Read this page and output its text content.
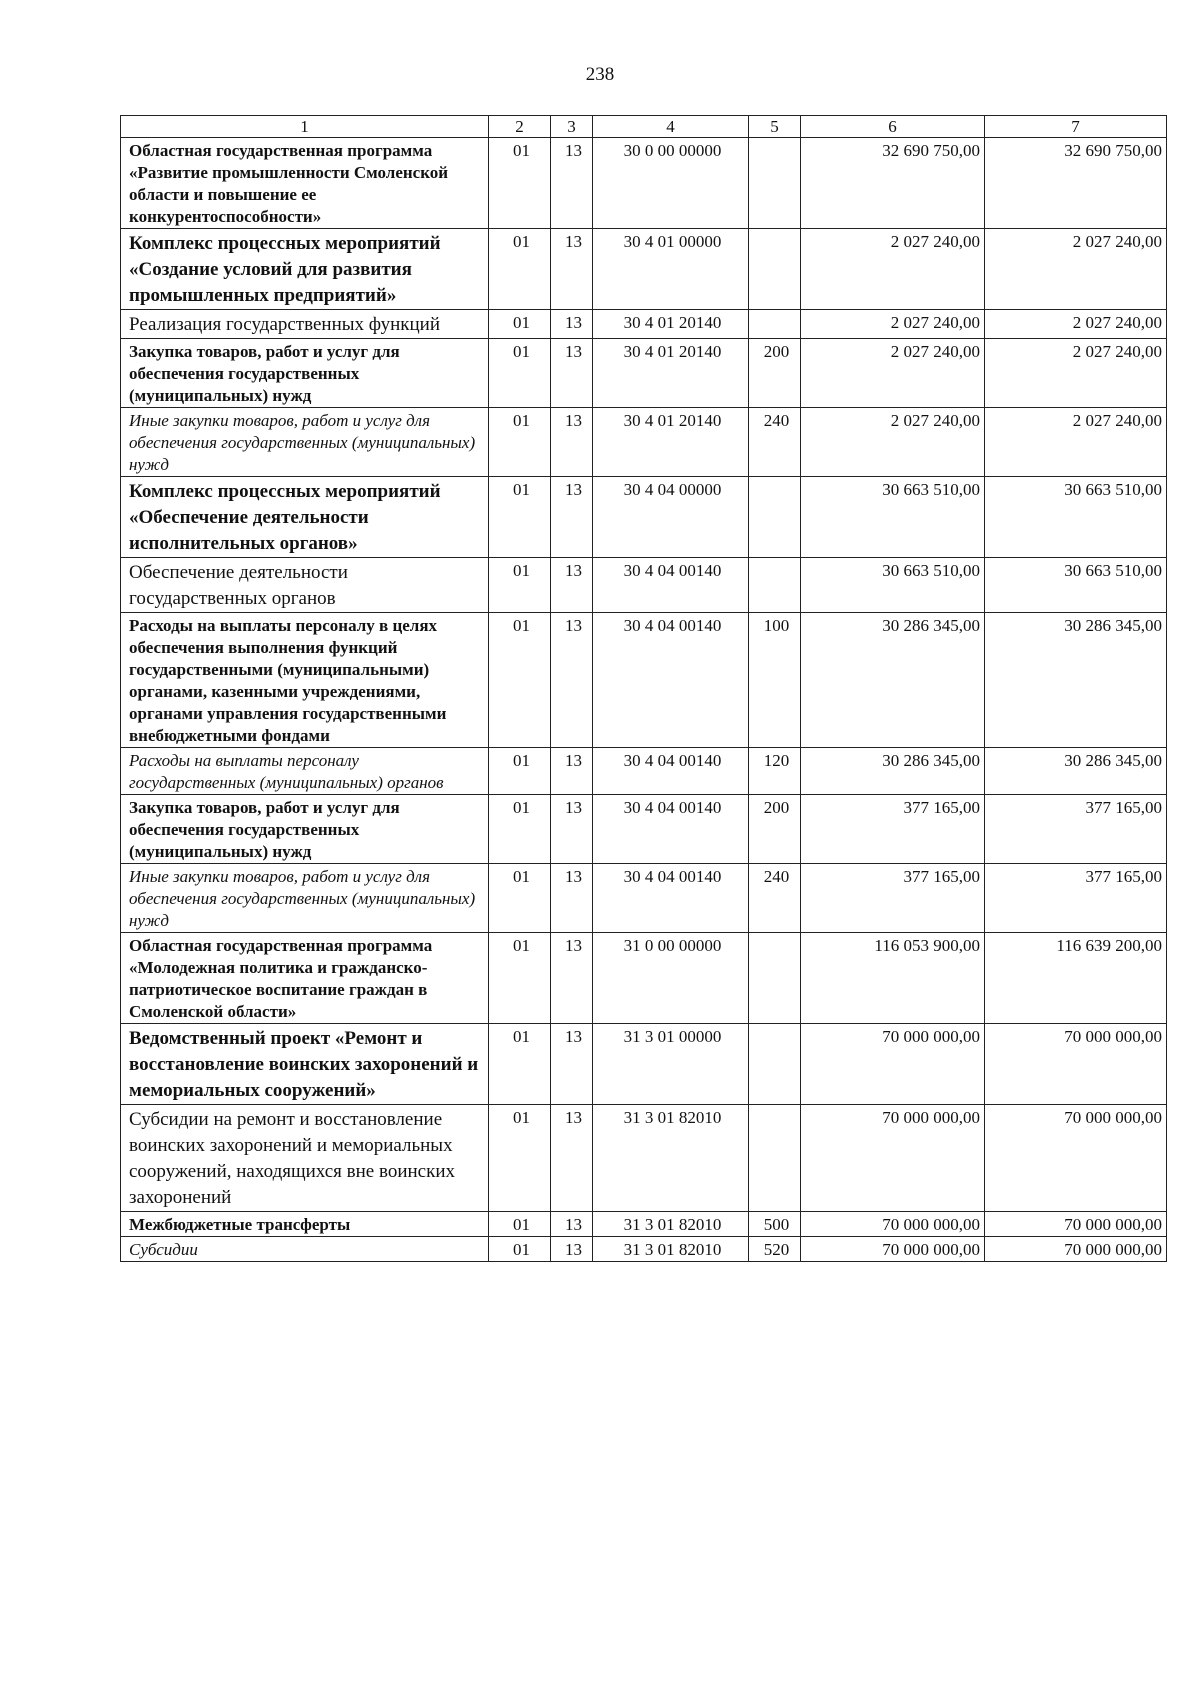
238
1	2	3	4	5	6	7
Областная государственная программа «Развитие промышленности Смоленской области и повышение ее конкурентоспособности»	01	13	30 0 00 00000		32 690 750,00	32 690 750,00
Комплекс процессных мероприятий «Создание условий для развития промышленных предприятий»	01	13	30 4 01 00000		2 027 240,00	2 027 240,00
Реализация государственных функций	01	13	30 4 01 20140		2 027 240,00	2 027 240,00
Закупка товаров, работ и услуг для обеспечения государственных (муниципальных) нужд	01	13	30 4 01 20140	200	2 027 240,00	2 027 240,00
Иные закупки товаров, работ и услуг для обеспечения государственных (муниципальных) нужд	01	13	30 4 01 20140	240	2 027 240,00	2 027 240,00
Комплекс процессных мероприятий «Обеспечение деятельности исполнительных органов»	01	13	30 4 04 00000		30 663 510,00	30 663 510,00
Обеспечение деятельности государственных органов	01	13	30 4 04 00140		30 663 510,00	30 663 510,00
Расходы на выплаты персоналу в целях обеспечения выполнения функций государственными (муниципальными) органами, казенными учреждениями, органами управления государственными внебюджетными фондами	01	13	30 4 04 00140	100	30 286 345,00	30 286 345,00
Расходы на выплаты персоналу государственных (муниципальных) органов	01	13	30 4 04 00140	120	30 286 345,00	30 286 345,00
Закупка товаров, работ и услуг для обеспечения государственных (муниципальных) нужд	01	13	30 4 04 00140	200	377 165,00	377 165,00
Иные закупки товаров, работ и услуг для обеспечения государственных (муниципальных) нужд	01	13	30 4 04 00140	240	377 165,00	377 165,00
Областная государственная программа «Молодежная политика и гражданско-патриотическое воспитание граждан в Смоленской области»	01	13	31 0 00 00000		116 053 900,00	116 639 200,00
Ведомственный проект «Ремонт и восстановление воинских захоронений и мемориальных сооружений»	01	13	31 3 01 00000		70 000 000,00	70 000 000,00
Субсидии на ремонт и восстановление воинских захоронений и мемориальных сооружений, находящихся вне воинских захоронений	01	13	31 3 01 82010		70 000 000,00	70 000 000,00
Межбюджетные трансферты	01	13	31 3 01 82010	500	70 000 000,00	70 000 000,00
Субсидии	01	13	31 3 01 82010	520	70 000 000,00	70 000 000,00
